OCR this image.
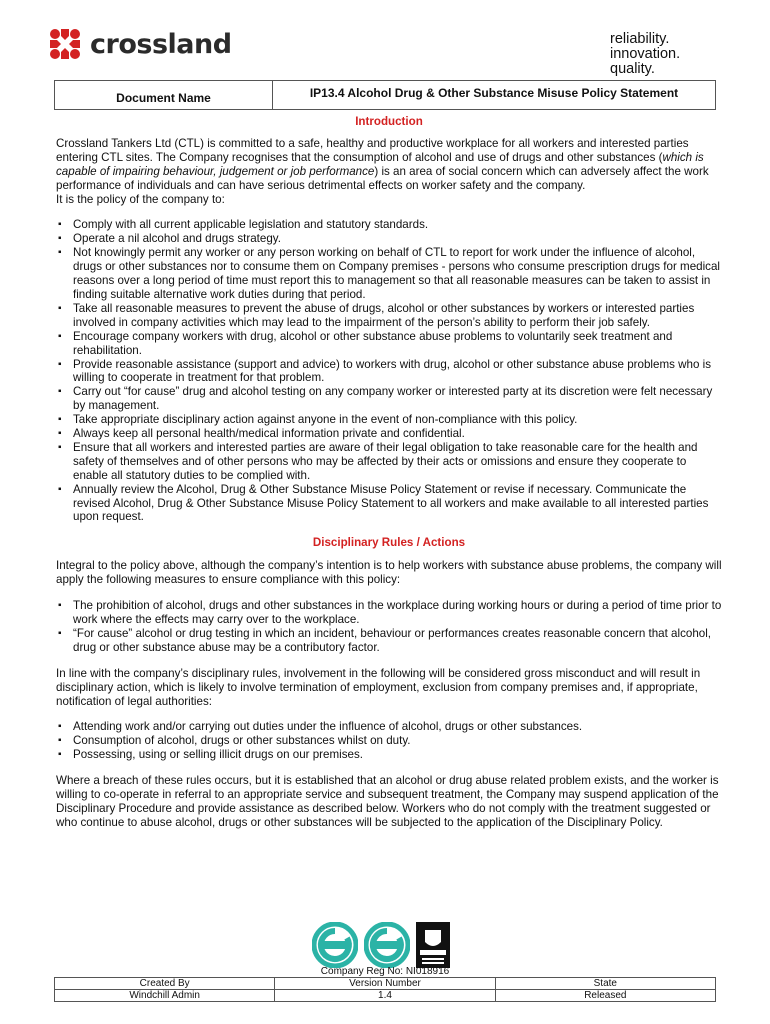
crossland	reliability.
innovation.
quality.
Document Name	IP13.4 Alcohol Drug & Other Substance Misuse Policy Statement

Introduction

Crossland Tankers Ltd (CTL) is committed to a safe, healthy and productive workplace for all workers and interested parties entering CTL sites. The Company recognises that the consumption of alcohol and use of drugs and other substances (which is capable of impairing behaviour, judgement or job performance) is an area of social concern which can adversely affect the work performance of individuals and can have serious detrimental effects on worker safety and the company.

It is the policy of the company to:

▪ Comply with all current applicable legislation and statutory standards.
▪ Operate a nil alcohol and drugs strategy.
▪ Not knowingly permit any worker or any person working on behalf of CTL to report for work under the influence of alcohol, drugs or other substances nor to consume them on Company premises - persons who consume prescription drugs for medical reasons over a long period of time must report this to management so that all reasonable measures can be taken to assist in finding suitable alternative work duties during that period.
▪ Take all reasonable measures to prevent the abuse of drugs, alcohol or other substances by workers or interested parties involved in company activities which may lead to the impairment of the person’s ability to perform their job safely.
▪ Encourage company workers with drug, alcohol or other substance abuse problems to voluntarily seek treatment and rehabilitation.
▪ Provide reasonable assistance (support and advice) to workers with drug, alcohol or other substance abuse problems who is willing to cooperate in treatment for that problem.
▪ Carry out “for cause” drug and alcohol testing on any company worker or interested party at its discretion were felt necessary by management.
▪ Take appropriate disciplinary action against anyone in the event of non-compliance with this policy.
▪ Always keep all personal health/medical information private and confidential.
▪ Ensure that all workers and interested parties are aware of their legal obligation to take reasonable care for the health and safety of themselves and of other persons who may be affected by their acts or omissions and ensure they cooperate to enable all statutory duties to be complied with.
▪ Annually review the Alcohol, Drug & Other Substance Misuse Policy Statement or revise if necessary. Communicate the revised Alcohol, Drug & Other Substance Misuse Policy Statement to all workers and make available to all interested parties upon request.

Disciplinary Rules / Actions

Integral to the policy above, although the company’s intention is to help workers with substance abuse problems, the company will apply the following measures to ensure compliance with this policy:

▪ The prohibition of alcohol, drugs and other substances in the workplace during working hours or during a period of time prior to work where the effects may carry over to the workplace.
▪ “For cause” alcohol or drug testing in which an incident, behaviour or performances creates reasonable concern that alcohol, drug or other substance abuse may be a contributory factor.

In line with the company’s disciplinary rules, involvement in the following will be considered gross misconduct and will result in disciplinary action, which is likely to involve termination of employment, exclusion from company premises and, if appropriate, notification of legal authorities:

▪ Attending work and/or carrying out duties under the influence of alcohol, drugs or other substances.
▪ Consumption of alcohol, drugs or other substances whilst on duty.
▪ Possessing, using or selling illicit drugs on our premises.

Where a breach of these rules occurs, but it is established that an alcohol or drug abuse related problem exists, and the worker is willing to co-operate in referral to an appropriate service and subsequent treatment, the Company may suspend application of the Disciplinary Procedure and provide assistance as described below. Workers who do not comply with the treatment suggested or who continue to abuse alcohol, drugs or other substances will be subjected to the application of the Disciplinary Policy.

Company Reg No: NI018916
Created By	Version Number	State
Windchill Admin	1.4	Released
